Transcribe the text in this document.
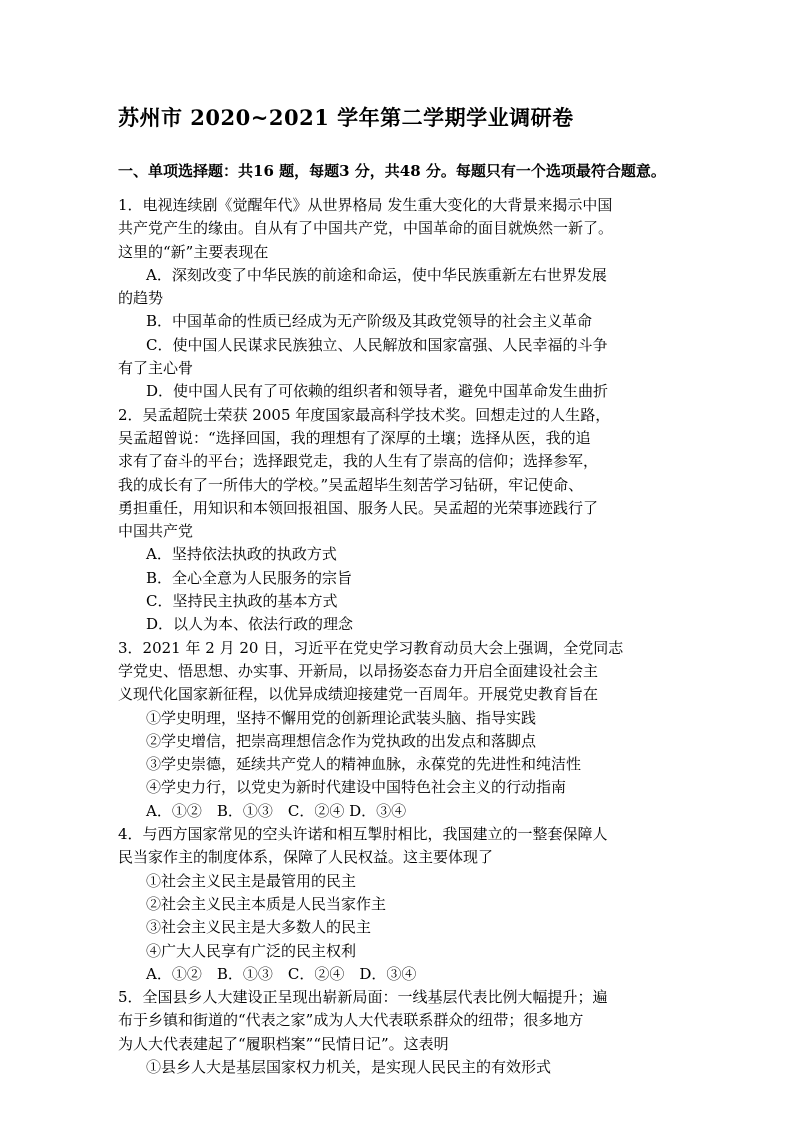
苏州市 2020~2021 学年第二学期学业调研卷
一、单项选择题：共16 题，每题3 分，共48 分。每题只有一个选项最符合题意。
1．电视连续剧《觉醒年代》从世界格局 发生重大变化的大背景来揭示中国
共产党产生的缘由。自从有了中国共产党，中国革命的面目就焕然一新了。
这里的“新”主要表现在
A．深刻改变了中华民族的前途和命运，使中华民族重新左右世界发展
的趋势
B．中国革命的性质已经成为无产阶级及其政党领导的社会主义革命
C．使中国人民谋求民族独立、人民解放和国家富强、人民幸福的斗争
有了主心骨
D．使中国人民有了可依赖的组织者和领导者，避免中国革命发生曲折
2．吴孟超院士荣获 2005 年度国家最高科学技术奖。回想走过的人生路，
吴孟超曾说：“选择回国，我的理想有了深厚的土壤；选择从医，我的追
求有了奋斗的平台；选择跟党走，我的人生有了崇高的信仰；选择参军，
我的成长有了一所伟大的学校。”吴孟超毕生刻苦学习钻研，牢记使命、
勇担重任，用知识和本领回报祖国、服务人民。吴孟超的光荣事迹践行了
中国共产党
A．坚持依法执政的执政方式
B．全心全意为人民服务的宗旨
C．坚持民主执政的基本方式
D．以人为本、依法行政的理念
3．2021 年 2 月 20 日，习近平在党史学习教育动员大会上强调，全党同志
学党史、悟思想、办实事、开新局，以昂扬姿态奋力开启全面建设社会主
义现代化国家新征程，以优异成绩迎接建党一百周年。开展党史教育旨在
①学史明理，坚持不懈用党的创新理论武装头脑、指导实践
②学史增信，把崇高理想信念作为党执政的出发点和落脚点
③学史崇德，延续共产党人的精神血脉，永葆党的先进性和纯洁性
④学史力行，以党史为新时代建设中国特色社会主义的行动指南
A．①②　B．①③　C．②④ D．③④
4．与西方国家常见的空头许诺和相互掣肘相比，我国建立的一整套保障人
民当家作主的制度体系，保障了人民权益。这主要体现了
①社会主义民主是最管用的民主
②社会主义民主本质是人民当家作主
③社会主义民主是大多数人的民主
④广大人民享有广泛的民主权利
A．①②　B．①③　C．②④　D．③④
5．全国县乡人大建设正呈现出崭新局面：一线基层代表比例大幅提升；遍
布于乡镇和街道的“代表之家”成为人大代表联系群众的纽带；很多地方
为人大代表建起了“履职档案”“民情日记”。这表明
①县乡人大是基层国家权力机关，是实现人民民主的有效形式
